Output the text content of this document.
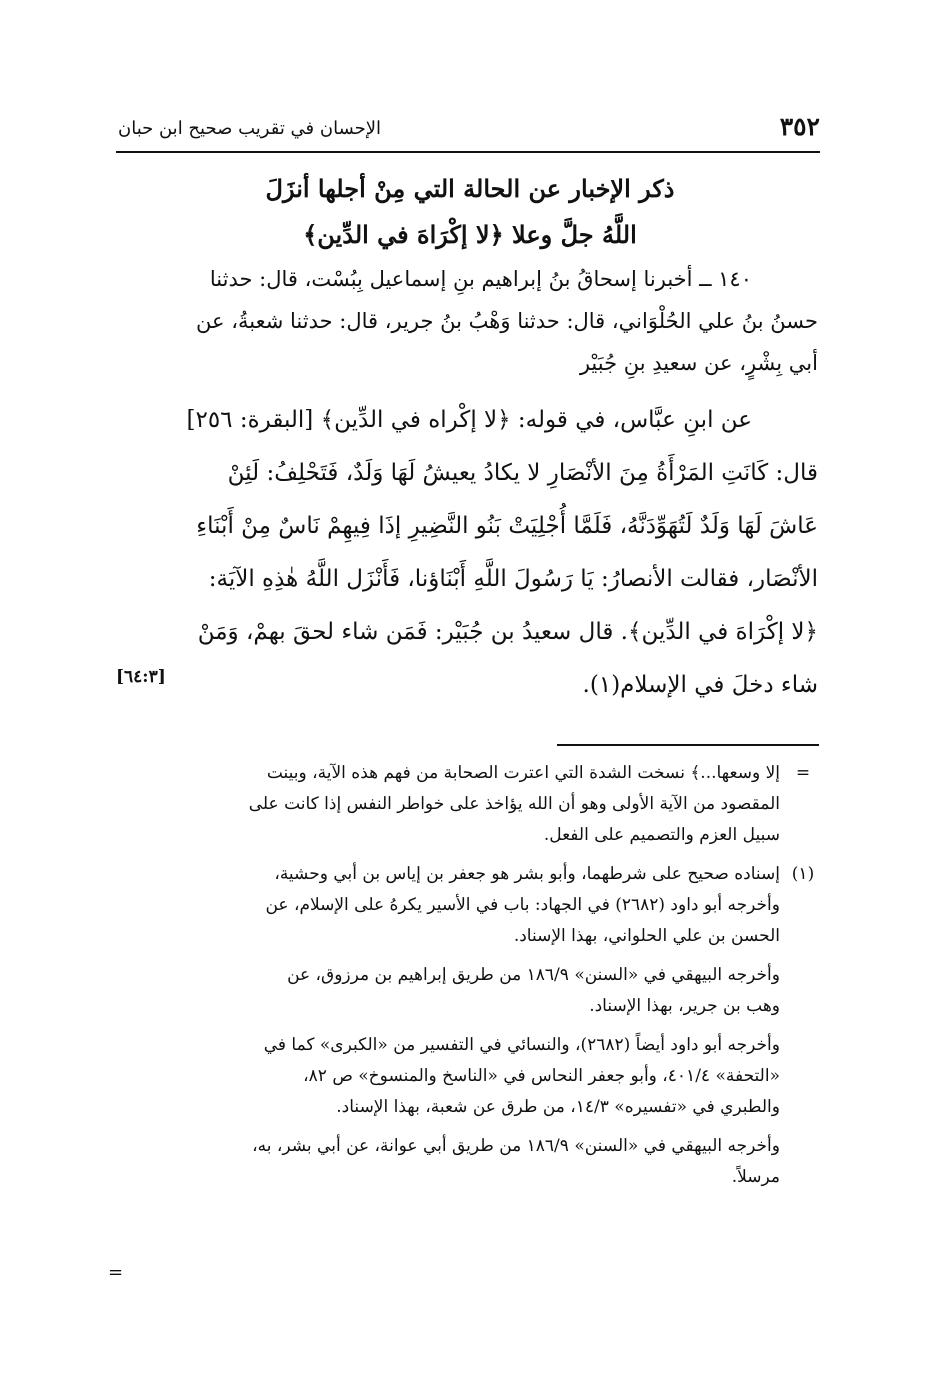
٣٥٢
الإحسان في تقريب صحيح ابن حبان
ذكر الإخبار عن الحالة التي مِنْ أجلها أنزَلَ
اللَّهُ جلَّ وعلا ﴿لا إكْرَاهَ في الدِّين﴾

١٤٠ ــ أخبرنا إسحاقُ بنُ إبراهيم بنِ إسماعيل بِبُسْت، قال: حدثنا
حسنُ بنُ علي الحُلْوَاني، قال: حدثنا وَهْبُ بنُ جرير، قال: حدثنا شعبةُ، عن
أبي بِشْرٍ، عن سعيدِ بنِ جُبَيْر

عن ابنِ عبَّاس، في قوله: ﴿لا إكْراه في الدِّين﴾ [البقرة: ٢٥٦]
قال: كَانَتِ المَرْأَةُ مِنَ الأنْصَارِ لا يكادُ يعيشُ لَهَا وَلَدٌ، فَتَحْلِفُ: لَئِنْ
عَاشَ لَهَا وَلَدٌ لَتُهَوِّدَنَّهُ، فَلَمَّا أُجْلِيَتْ بَنُو النَّضِيرِ إذَا فِيهِمْ نَاسٌ مِنْ أَبْنَاءِ
الأنْصَار، فقالت الأنصارُ: يَا رَسُولَ اللَّهِ أَبْنَاؤنا، فَأَنْزَل اللَّهُ هٰذِهِ الآيَة:
﴿لا إكْرَاهَ في الدِّين﴾. قال سعيدُ بن جُبَيْر: فَمَن شاء لحقَ بهمْ، وَمَنْ
شاء دخلَ في الإسلام(١).
[٦٤:٣]

=
إلا وسعها...﴾ نسخت الشدة التي اعترت الصحابة من فهم هذه الآية، وبينت
المقصود من الآية الأولى وهو أن الله يؤاخذ على خواطر النفس إذا كانت على
سبيل العزم والتصميم على الفعل.
(١)
إسناده صحيح على شرطهما، وأبو بشر هو جعفر بن إياس بن أبي وحشية،
وأخرجه أبو داود (٢٦٨٢) في الجهاد: باب في الأسير يكرهُ على الإسلام، عن
الحسن بن علي الحلواني، بهذا الإسناد.
وأخرجه البيهقي في «السنن» ١٨٦/٩ من طريق إبراهيم بن مرزوق، عن
وهب بن جرير، بهذا الإسناد.
وأخرجه أبو داود أيضاً (٢٦٨٢)، والنسائي في التفسير من «الكبرى» كما في
«التحفة» ٤٠١/٤، وأبو جعفر النحاس في «الناسخ والمنسوخ» ص ٨٢،
والطبري في «تفسيره» ١٤/٣، من طرق عن شعبة، بهذا الإسناد.
وأخرجه البيهقي في «السنن» ١٨٦/٩ من طريق أبي عوانة، عن أبي بشر، به،
مرسلاً.
=
